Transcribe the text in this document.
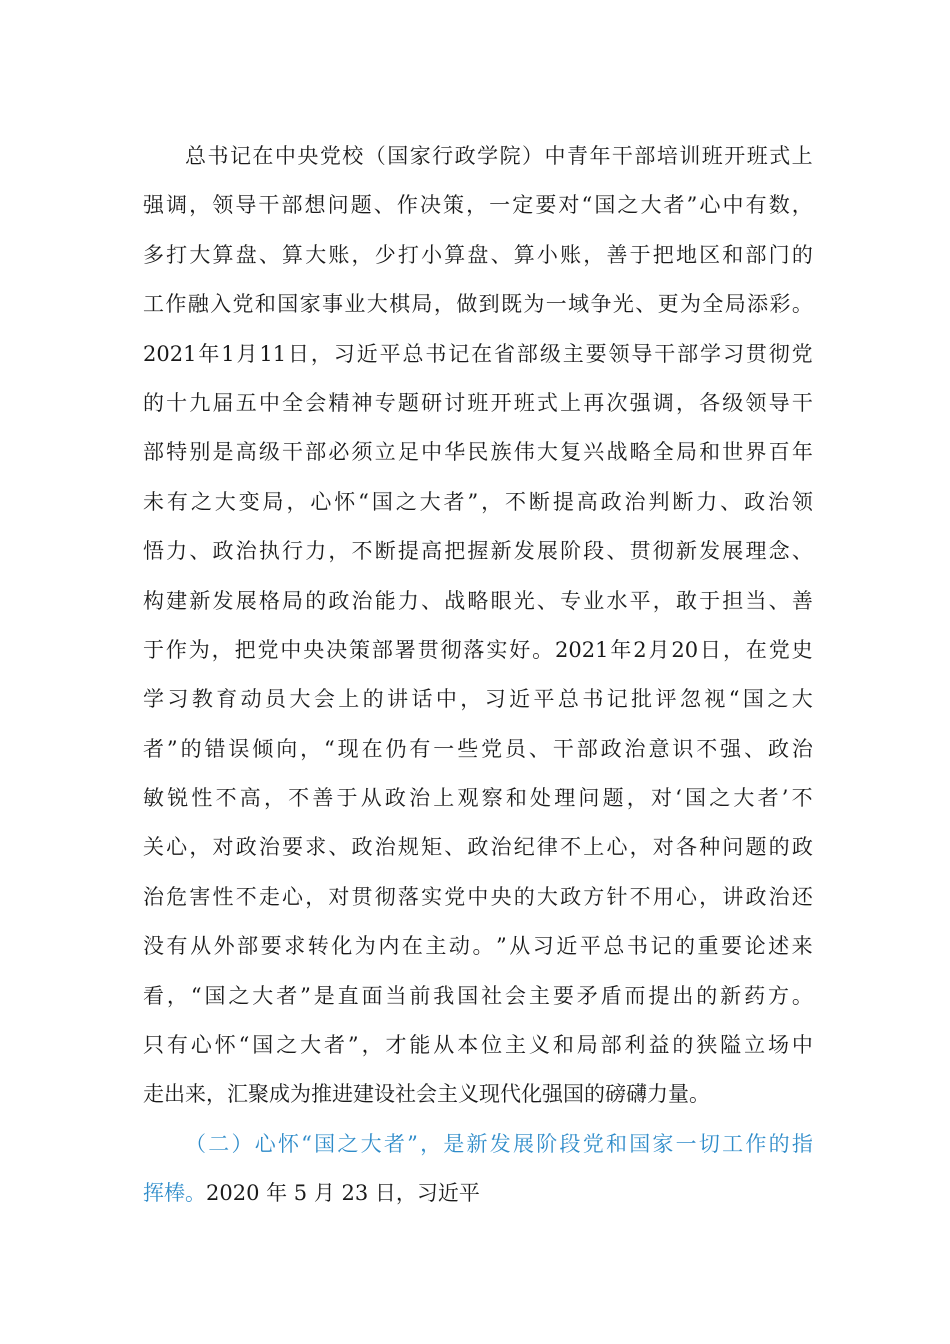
总 书 记 在 中 央 党 校 （ 国 家 行 政 学 院 ） 中 青 年 干 部 培 训 班 开 班 式 上
强 调 ， 领 导 干 部 想 问 题 、 作 决 策 ， 一 定 要 对 “ 国 之 大 者 ” 心 中 有 数 ，
多 打 大 算 盘 、 算 大 账 ， 少 打 小 算 盘 、 算 小 账 ， 善 于 把 地 区 和 部 门 的
工 作 融 入 党 和 国 家 事 业 大 棋 局 ， 做 到 既 为 一 域 争 光 、 更 为 全 局 添 彩 。
2021 年 1 月 11 日 ， 习 近 平 总 书 记 在 省 部 级 主 要 领 导 干 部 学 习 贯 彻 党
的 十 九 届 五 中 全 会 精 神 专 题 研 讨 班 开 班 式 上 再 次 强 调 ， 各 级 领 导 干
部 特 别 是 高 级 干 部 必 须 立 足 中 华 民 族 伟 大 复 兴 战 略 全 局 和 世 界 百 年
未 有 之 大 变 局 ， 心 怀 “ 国 之 大 者 ” ， 不 断 提 高 政 治 判 断 力 、 政 治 领
悟 力 、 政 治 执 行 力 ， 不 断 提 高 把 握 新 发 展 阶 段 、 贯 彻 新 发 展 理 念 、
构 建 新 发 展 格 局 的 政 治 能 力 、 战 略 眼 光 、 专 业 水 平 ， 敢 于 担 当 、 善
于 作 为 ， 把 党 中 央 决 策 部 署 贯 彻 落 实 好 。 2021 年 2 月 20 日 ， 在 党 史
学 习 教 育 动 员 大 会 上 的 讲 话 中 ， 习 近 平 总 书 记 批 评 忽 视 “ 国 之 大
者 ” 的 错 误 倾 向 ， “ 现 在 仍 有 一 些 党 员 、 干 部 政 治 意 识 不 强 、 政 治
敏 锐 性 不 高 ， 不 善 于 从 政 治 上 观 察 和 处 理 问 题 ， 对 ‘ 国 之 大 者 ’ 不
关 心 ， 对 政 治 要 求 、 政 治 规 矩 、 政 治 纪 律 不 上 心 ， 对 各 种 问 题 的 政
治 危 害 性 不 走 心 ， 对 贯 彻 落 实 党 中 央 的 大 政 方 针 不 用 心 ， 讲 政 治 还
没 有 从 外 部 要 求 转 化 为 内 在 主 动 。 ” 从 习 近 平 总 书 记 的 重 要 论 述 来
看 ， “ 国 之 大 者 ” 是 直 面 当 前 我 国 社 会 主 要 矛 盾 而 提 出 的 新 药 方 。
只 有 心 怀 “ 国 之 大 者 ” ， 才 能 从 本 位 主 义 和 局 部 利 益 的 狭 隘 立 场 中
走出来，汇聚成为推进建设社会主义现代化强国的磅礴力量。
（ 二 ） 心 怀 “ 国 之 大 者 ” ， 是 新 发 展 阶 段 党 和 国 家 一 切 工 作 的 指
挥棒。2020 年 5 月 23 日，习近平
